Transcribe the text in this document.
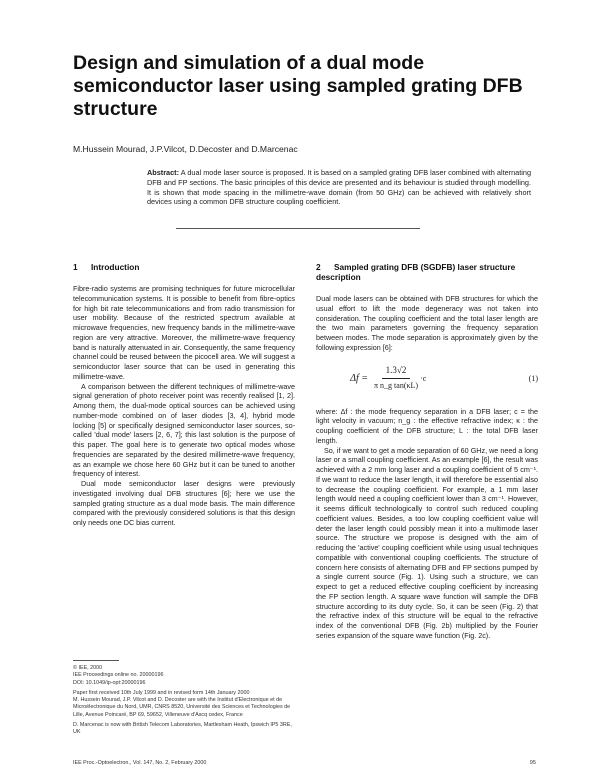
Design and simulation of a dual mode semiconductor laser using sampled grating DFB structure
M.Hussein Mourad, J.P.Vilcot, D.Decoster and D.Marcenac

Abstract: A dual mode laser source is proposed. It is based on a sampled grating DFB laser combined with alternating DFB and FP sections. The basic principles of this device are presented and its behaviour is studied through modelling. It is shown that mode spacing in the millimetre-wave domain (from 50 GHz) can be achieved with relatively short devices using a common DFB structure coupling coefficient.

1 Introduction

Fibre-radio systems are promising techniques for future microcellular telecommunication systems. It is possible to benefit from fibre-optics for high bit rate telecommunications and from radio transmission for user mobility. Because of the restricted spectrum available at microwave frequencies, new frequency bands in the millimetre-wave region are very attractive. Moreover, the millimetre-wave frequency band is naturally attenuated in air. Consequently, the same frequency channel could be reused between the picocell area. We will suggest a semiconductor laser source that can be used in generating this millimetre-wave.

A comparison between the different techniques of millimetre-wave signal generation of photo receiver point was recently realised [1, 2]. Among them, the dual-mode optical sources can be achieved using number-mode combined on of laser diodes [3, 4], hybrid mode locking [5] or specifically designed semiconductor laser sources, so-called 'dual mode' lasers [2, 6, 7]; this last solution is the purpose of this paper. The goal here is to generate two optical modes whose frequencies are separated by the desired millimetre-wave frequency, as an example we chose here 60 GHz but it can be tuned to another frequency of interest.

Dual mode semiconductor laser designs were previously investigated involving dual DFB structures [6]; here we use the sampled grating structure as a dual mode basis. The main difference compared with the previously considered solutions is that this design only needs one DC bias current.

2 Sampled grating DFB (SGDFB) laser structure description

Dual mode lasers can be obtained with DFB structures for which the usual effort to lift the mode degeneracy was not taken into consideration. The coupling coefficient and the total laser length are the two main parameters governing the frequency separation between modes. The mode separation is approximately given by the following expression [6]:

$\Delta f = \frac{1.3√2}{\text{π n\_g tan(κL)}} \cdot c$	(1)

where: Δf : the mode frequency separation in a DFB laser; c = the light velocity in vacuum; n_g : the effective refractive index; κ : the coupling coefficient of the DFB structure; L : the total DFB laser length.

So, if we want to get a mode separation of 60 GHz, we need a long laser or a small coupling coefficient. As an example [6], the result was achieved with a 2 mm long laser and a coupling coefficient of 5 cm⁻¹. If we want to reduce the laser length, it will therefore be essential also to decrease the coupling coefficient. For example, a 1 mm laser length would need a coupling coefficient lower than 3 cm⁻¹. However, it seems difficult technologically to control such reduced coupling coefficient values. Besides, a too low coupling coefficient value will deter the laser length could possibly mean it into a multimode laser source. The structure we propose is designed with the aim of reducing the 'active' coupling coefficient while using usual techniques compatible with conventional coupling coefficients. The structure of concern here consists of alternating DFB and FP sections pumped by a single current source (Fig. 1). Using such a structure, we can expect to get a reduced effective coupling coefficient by increasing the FP section length. A square wave function will sample the DFB structure according to its duty cycle. So, it can be seen (Fig. 2) that the refractive index of this structure will be equal to the refractive index of the conventional DFB (Fig. 2b) multiplied by the Fourier series expansion of the square wave function (Fig. 2c).

© IEE, 2000
IEE Proceedings online no. 20000196
DOI: 10.1049/ip-opt:20000196
Paper first received 10th July 1999 and in revised form 14th January 2000
M. Hussein Mourad, J.P. Vilcot and D. Decoster are with the Institut d'Electronique et de Microélectronique du Nord, UMR, CNRS 8520, Université des Sciences et Technologies de Lille, Avenue Poincaré, BP 69, 59652, Villeneuve d'Ascq cedex, France
D. Marcenac is now with British Telecom Laboratories, Martlesham Heath, Ipswich IP5 3RE, UK
IEE Proc.-Optoelectron., Vol. 147, No. 2, February 2000	95
